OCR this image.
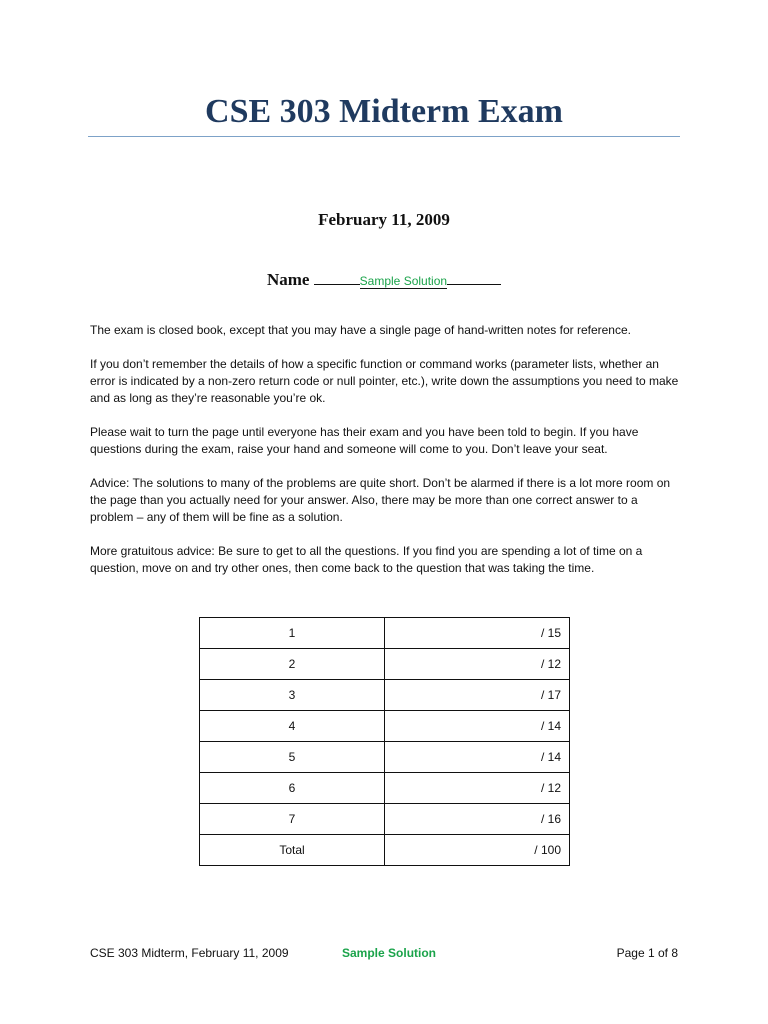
CSE 303 Midterm Exam
February 11, 2009
Name	Sample Solution

The exam is closed book, except that you may have a single page of hand-written notes for reference.

If you don’t remember the details of how a specific function or command works (parameter lists, whether an error is indicated by a non-zero return code or null pointer, etc.), write down the assumptions you need to make and as long as they’re reasonable you’re ok.

Please wait to turn the page until everyone has their exam and you have been told to begin. If you have questions during the exam, raise your hand and someone will come to you. Don’t leave your seat.

Advice: The solutions to many of the problems are quite short. Don’t be alarmed if there is a lot more room on the page than you actually need for your answer. Also, there may be more than one correct answer to a problem – any of them will be fine as a solution.

More gratuitous advice: Be sure to get to all the questions. If you find you are spending a lot of time on a question, move on and try other ones, then come back to the question that was taking the time.

1	/ 15
2	/ 12
3	/ 17
4	/ 14
5	/ 14
6	/ 12
7	/ 16
Total	/ 100
CSE 303 Midterm, February 11, 2009	Sample Solution	Page 1 of 8
